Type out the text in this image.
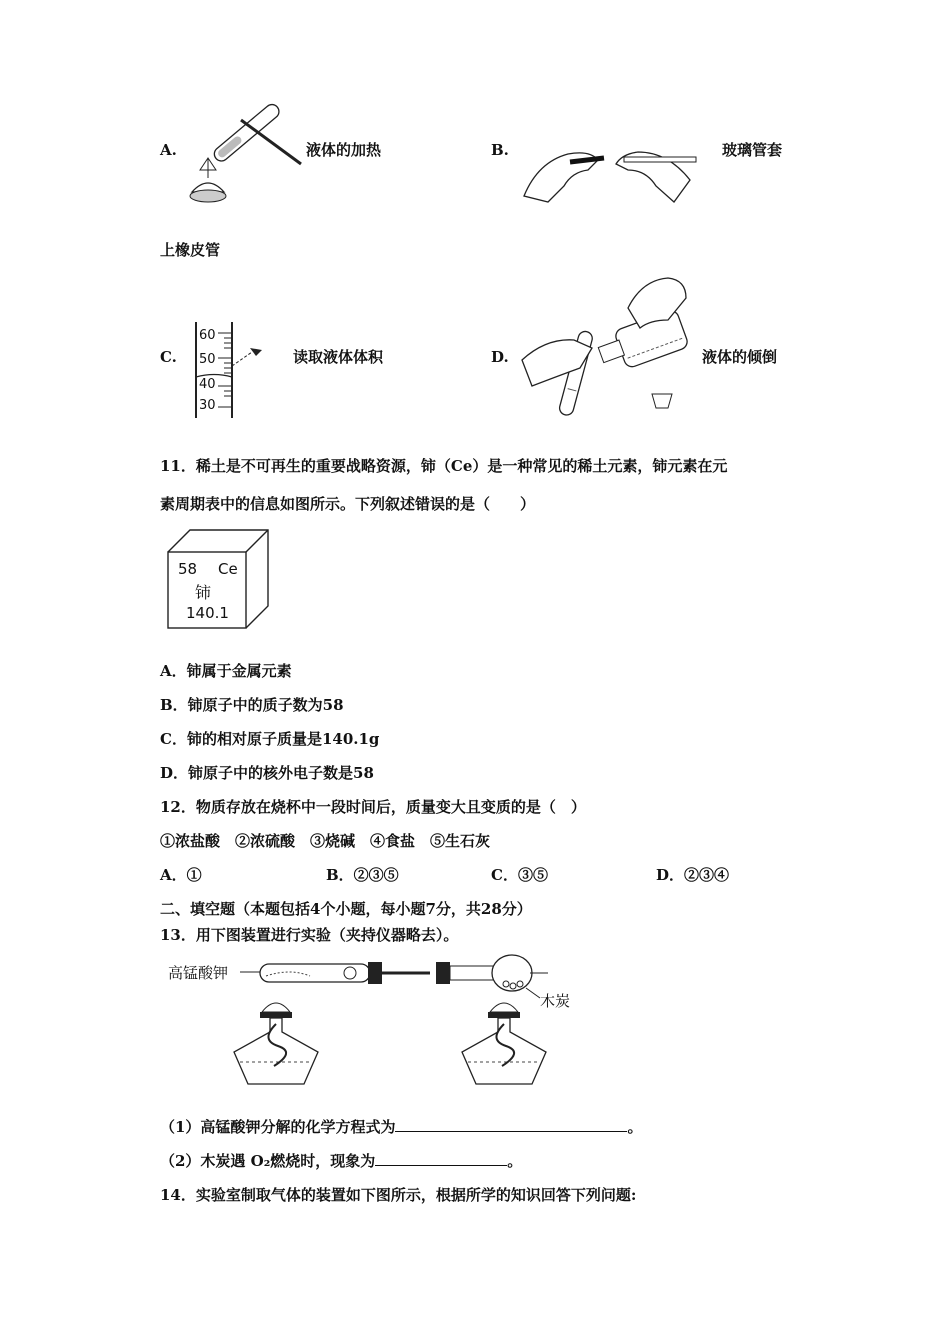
A.	液体的加热	B.	玻璃管套
上橡皮管
C.
60
50
40
30
读取液体体积	D.	液体的倾倒
11．稀土是不可再生的重要战略资源，铈（Ce）是一种常见的稀土元素，铈元素在元
素周期表中的信息如图所示。下列叙述错误的是（　　）
58 Ce
铈
140.1
A．铈属于金属元素
B．铈原子中的质子数为58
C．铈的相对原子质量是140.1g
D．铈原子中的核外电子数是58
12．物质存放在烧杯中一段时间后，质量变大且变质的是（　）
①浓盐酸　②浓硫酸　③烧碱　④食盐　⑤生石灰
A．①	B．②③⑤	C．③⑤	D．②③④
二、填空题（本题包括4个小题，每小题7分，共28分）
13．用下图装置进行实验（夹持仪器略去）。
高锰酸钾
木炭
（1）高锰酸钾分解的化学方程式为	。
（2）木炭遇 O₂燃烧时，现象为	。
14．实验室制取气体的装置如下图所示，根据所学的知识回答下列问题:
